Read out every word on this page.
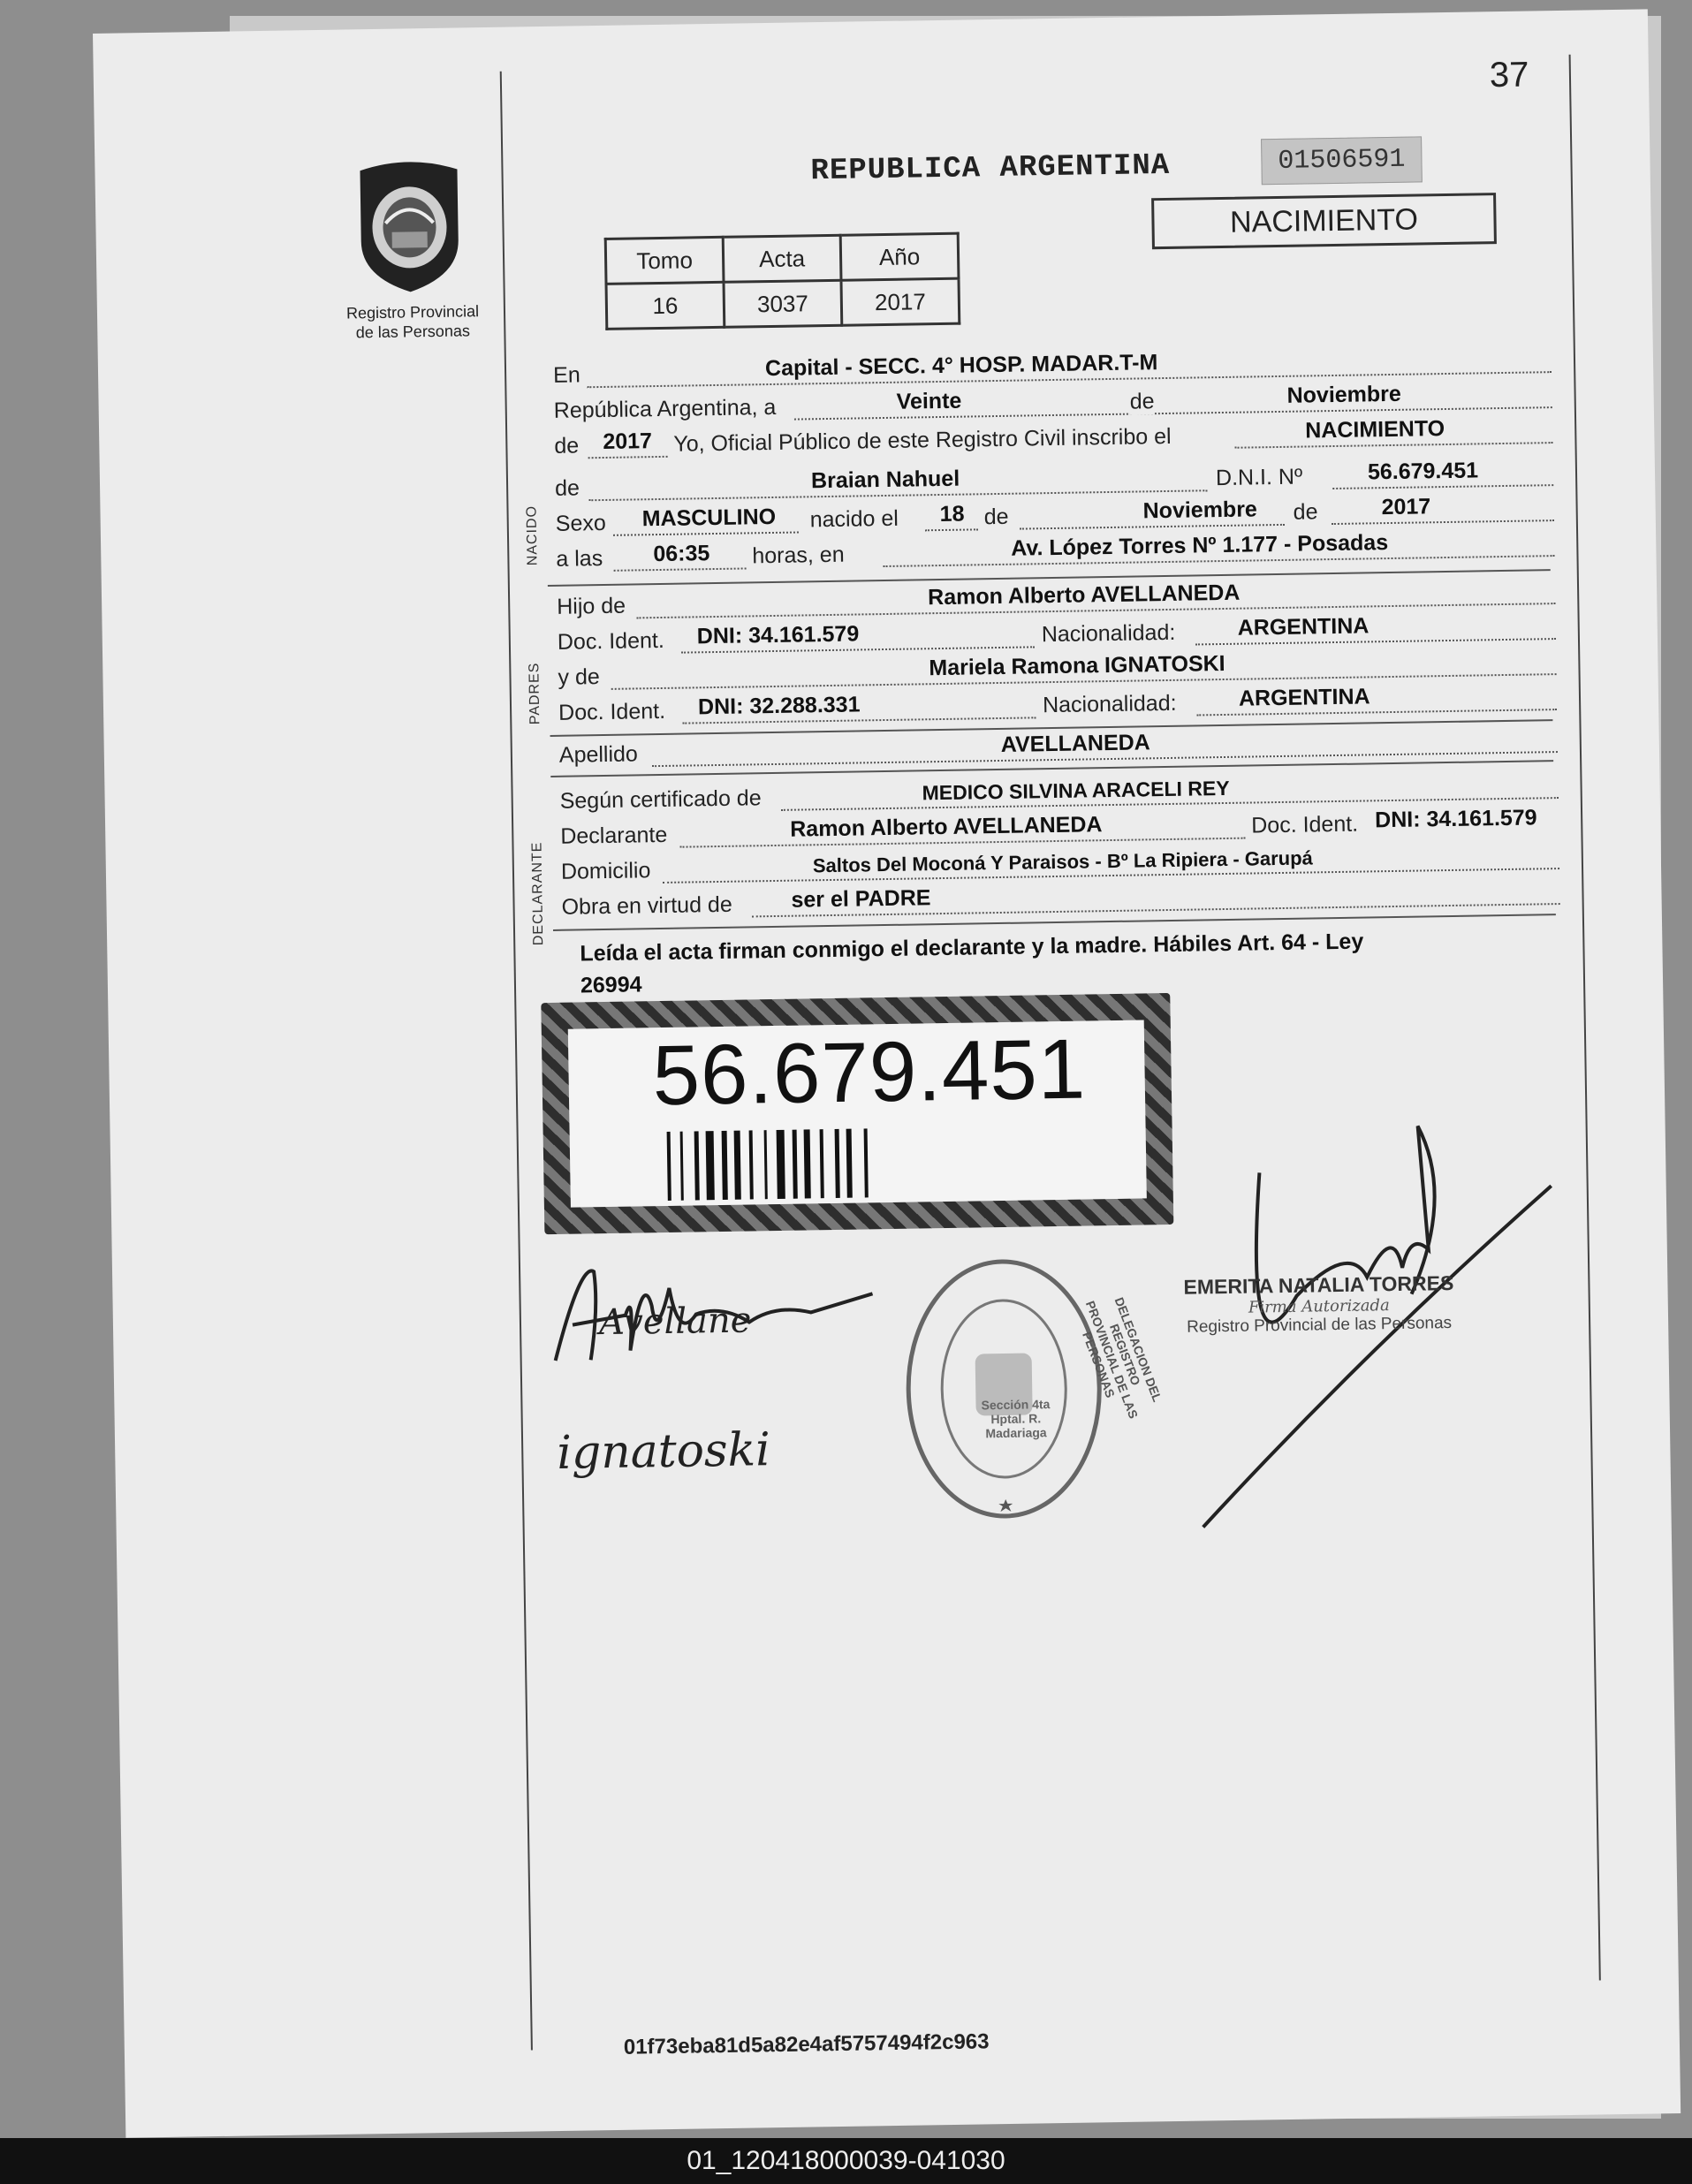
37
Registro Provincial
de las Personas
REPUBLICA ARGENTINA	01506591
NACIMIENTO
Tomo	Acta	Año
16	3037	2017
En	Capital - SECC. 4° HOSP. MADAR.T-M
República Argentina, a	Veinte	de	Noviembre
de 2017 Yo, Oficial Público de este Registro Civil inscribo el	NACIMIENTO
de	Braian Nahuel	D.N.I. Nº	56.679.451
Sexo MASCULINO nacido el 18 de	Noviembre de	2017
a las 06:35 horas, en	Av. López Torres Nº 1.177 - Posadas
Hijo de	Ramon Alberto AVELLANEDA
Doc. Ident. DNI: 34.161.579	Nacionalidad:	ARGENTINA
y de	Mariela Ramona IGNATOSKI
Doc. Ident. DNI: 32.288.331	Nacionalidad:	ARGENTINA
Apellido	AVELLANEDA
Según certificado de	MEDICO SILVINA ARACELI REY
Declarante	Ramon Alberto AVELLANEDA	Doc. Ident. DNI: 34.161.579
Domicilio	Saltos Del Moconá Y Paraisos - Bº La Ripiera - Garupá
Obra en virtud de	ser el PADRE
Leída el acta firman conmigo el declarante y la madre. Hábiles Art. 64 - Ley
26994
NACIDO
PADRES
DECLARANTE
56.679.451
Avellane
ignatoski
DELEGACION DEL REGISTRO PROVINCIAL DE LAS PERSONAS
Sección 4ta Hptal. R. Madariaga
EMERITA NATALIA TORRES
Firma Autorizada
Registro Provincial de las Personas
01f73eba81d5a82e4af5757494f2c963
01_120418000039-041030
